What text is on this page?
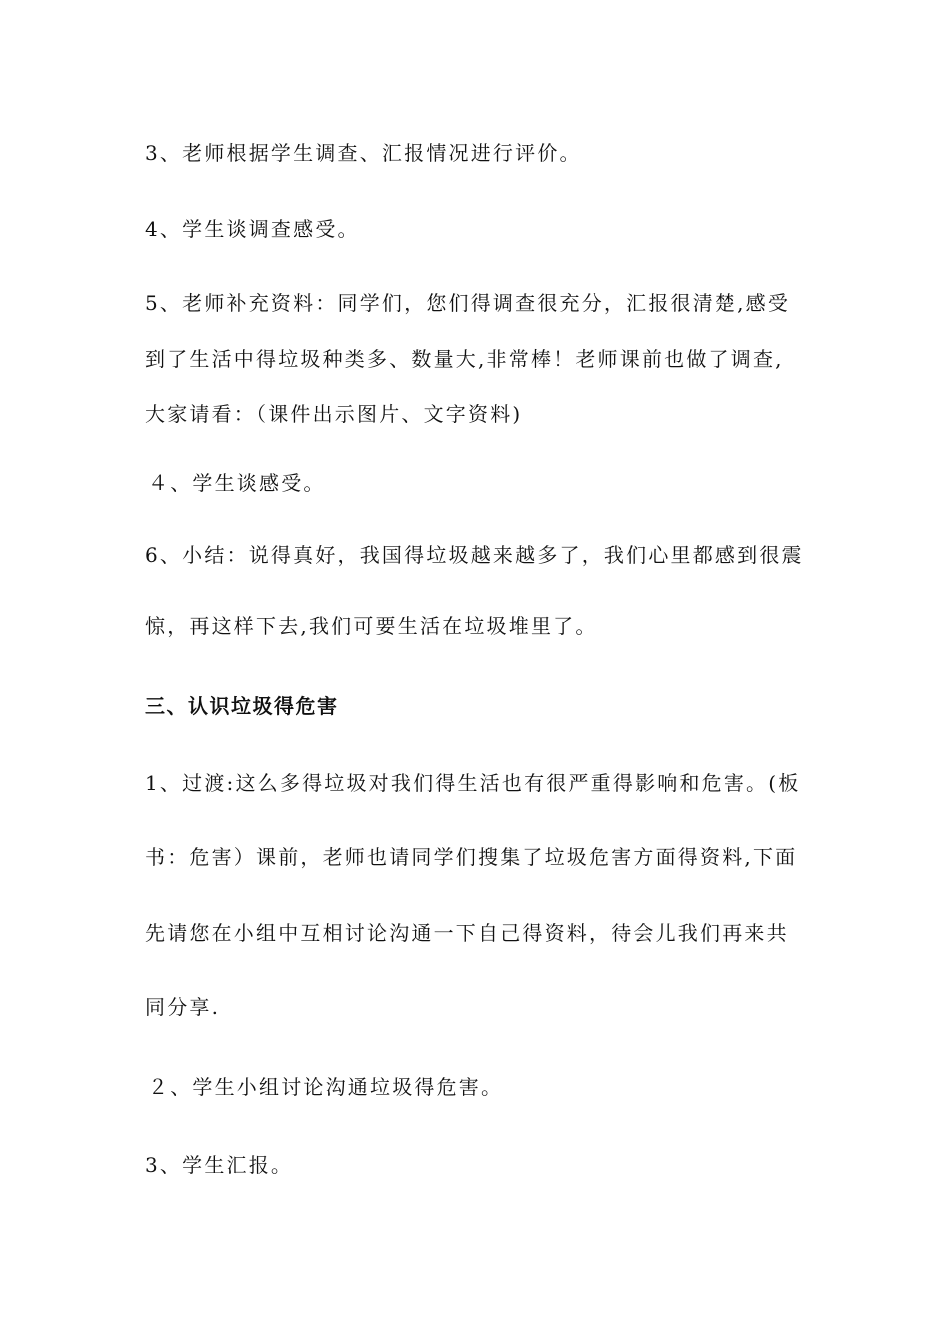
3、老师根据学生调查、汇报情况进行评价。
4、学生谈调查感受。
5、老师补充资料：同学们，您们得调查很充分，汇报很清楚,感受
到了生活中得垃圾种类多、数量大,非常棒！老师课前也做了调查,
大家请看：（课件出示图片、文字资料)
４、学生谈感受。
6、小结：说得真好，我国得垃圾越来越多了，我们心里都感到很震
惊，再这样下去,我们可要生活在垃圾堆里了。
三、认识垃圾得危害
1、过渡:这么多得垃圾对我们得生活也有很严重得影响和危害。(板
书：危害）课前，老师也请同学们搜集了垃圾危害方面得资料,下面
先请您在小组中互相讨论沟通一下自己得资料，待会儿我们再来共
同分享.
２、学生小组讨论沟通垃圾得危害。
3、学生汇报。
